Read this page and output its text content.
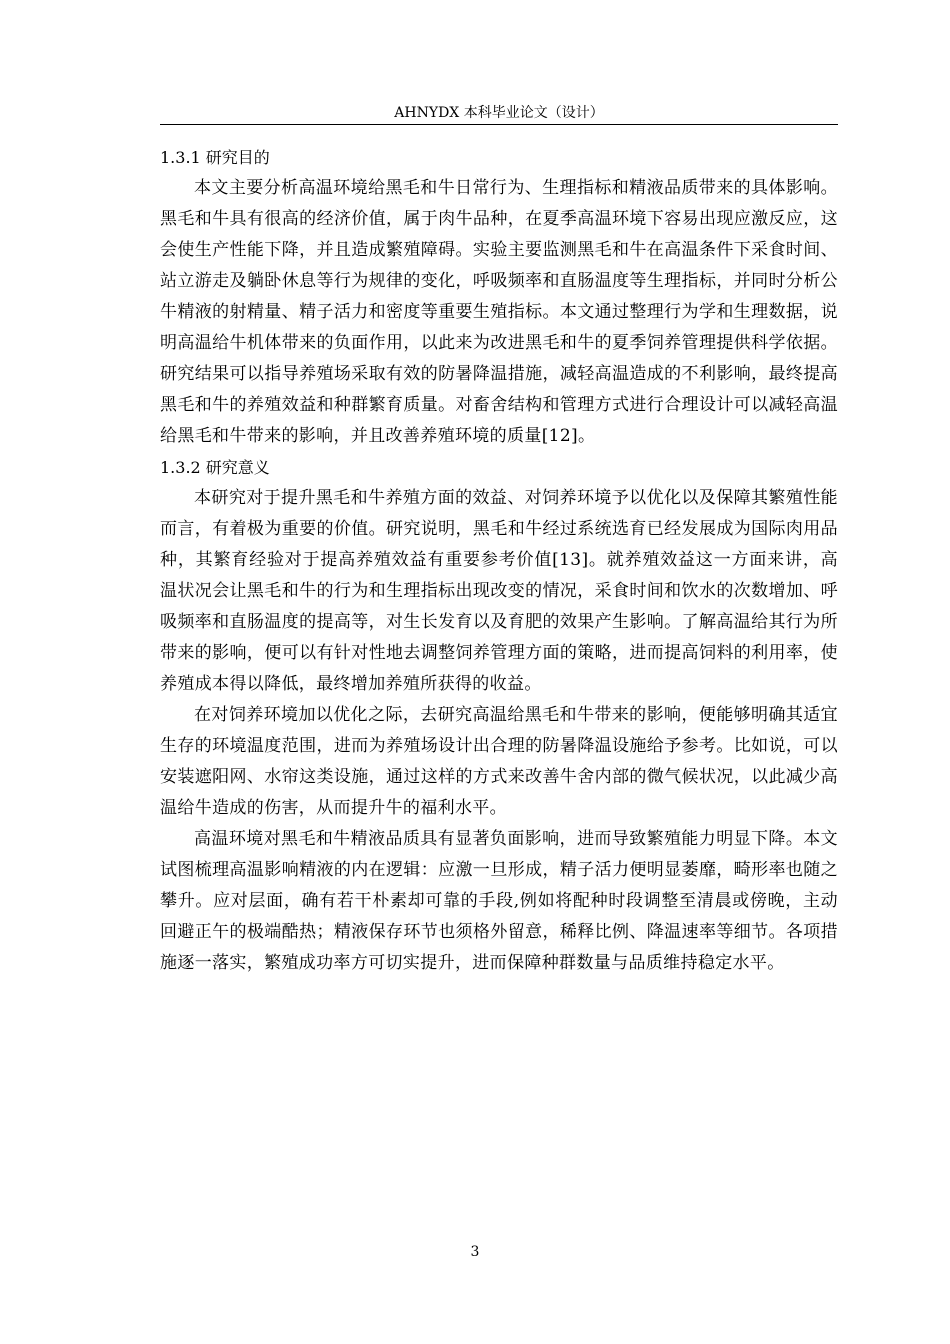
AHNYDX 本科毕业论文（设计）
1.3.1 研究目的

本文主要分析高温环境给黑毛和牛日常行为、生理指标和精液品质带来的具体影响。黑毛和牛具有很高的经济价值，属于肉牛品种，在夏季高温环境下容易出现应激反应，这会使生产性能下降，并且造成繁殖障碍。实验主要监测黑毛和牛在高温条件下采食时间、站立游走及躺卧休息等行为规律的变化，呼吸频率和直肠温度等生理指标，并同时分析公牛精液的射精量、精子活力和密度等重要生殖指标。本文通过整理行为学和生理数据，说明高温给牛机体带来的负面作用，以此来为改进黑毛和牛的夏季饲养管理提供科学依据。研究结果可以指导养殖场采取有效的防暑降温措施，减轻高温造成的不利影响，最终提高黑毛和牛的养殖效益和种群繁育质量。对畜舍结构和管理方式进行合理设计可以减轻高温给黑毛和牛带来的影响，并且改善养殖环境的质量[12]。

1.3.2 研究意义

本研究对于提升黑毛和牛养殖方面的效益、对饲养环境予以优化以及保障其繁殖性能而言，有着极为重要的价值。研究说明，黑毛和牛经过系统选育已经发展成为国际肉用品种，其繁育经验对于提高养殖效益有重要参考价值[13]。就养殖效益这一方面来讲，高温状况会让黑毛和牛的行为和生理指标出现改变的情况，采食时间和饮水的次数增加、呼吸频率和直肠温度的提高等，对生长发育以及育肥的效果产生影响。了解高温给其行为所带来的影响，便可以有针对性地去调整饲养管理方面的策略，进而提高饲料的利用率，使养殖成本得以降低，最终增加养殖所获得的收益。

在对饲养环境加以优化之际，去研究高温给黑毛和牛带来的影响，便能够明确其适宜生存的环境温度范围，进而为养殖场设计出合理的防暑降温设施给予参考。比如说，可以安装遮阳网、水帘这类设施，通过这样的方式来改善牛舍内部的微气候状况，以此减少高温给牛造成的伤害，从而提升牛的福利水平。

高温环境对黑毛和牛精液品质具有显著负面影响，进而导致繁殖能力明显下降。本文试图梳理高温影响精液的内在逻辑：应激一旦形成，精子活力便明显萎靡，畸形率也随之攀升。应对层面，确有若干朴素却可靠的手段,例如将配种时段调整至清晨或傍晚，主动回避正午的极端酷热；精液保存环节也须格外留意，稀释比例、降温速率等细节。各项措施逐一落实，繁殖成功率方可切实提升，进而保障种群数量与品质维持稳定水平。

3
